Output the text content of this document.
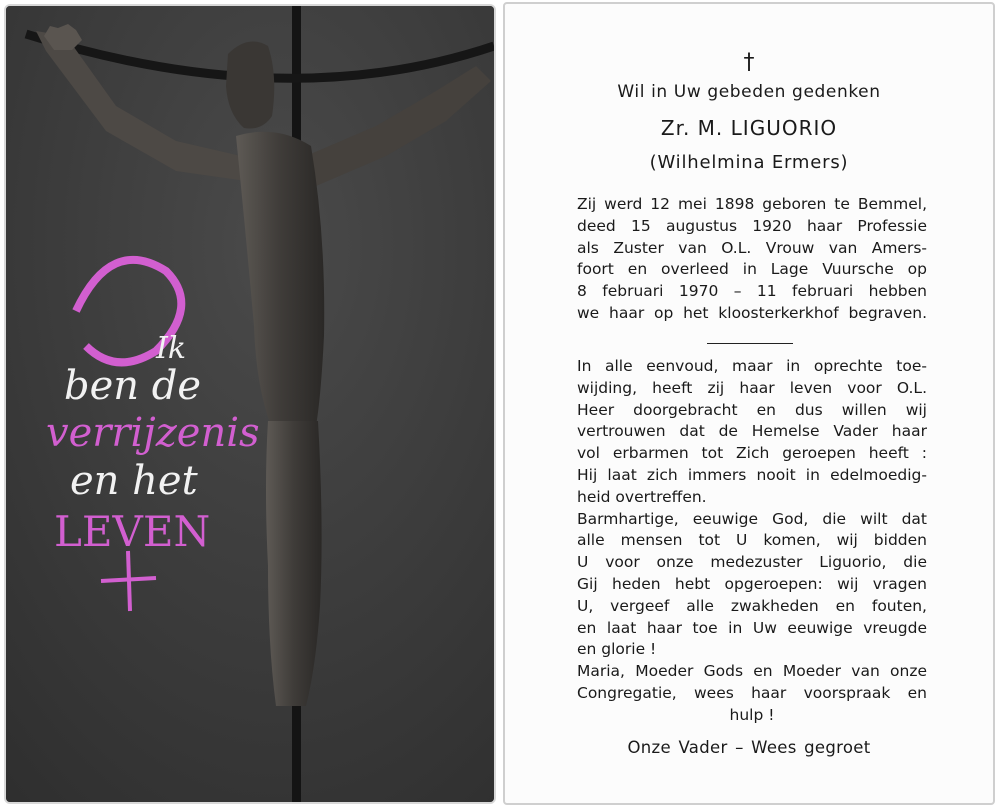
Ik
ben de
verrijzenis
en het
LEVEN
†
Wil in Uw gebeden gedenken
Zr. M. LIGUORIO
(Wilhelmina Ermers)
Zij werd 12 mei 1898 geboren te Bemmel,
deed 15 augustus 1920 haar Professie
als Zuster van O.L. Vrouw van Amers-
foort en overleed in Lage Vuursche op
8 februari 1970 – 11 februari hebben
we haar op het kloosterkerkhof begraven.
In alle eenvoud, maar in oprechte toe-
wijding, heeft zij haar leven voor O.L.
Heer doorgebracht en dus willen wij
vertrouwen dat de Hemelse Vader haar
vol erbarmen tot Zich geroepen heeft :
Hij laat zich immers nooit in edelmoedig-
heid overtreffen.
Barmhartige, eeuwige God, die wilt dat
alle mensen tot U komen, wij bidden
U voor onze medezuster Liguorio, die
Gij heden hebt opgeroepen: wij vragen
U, vergeef alle zwakheden en fouten,
en laat haar toe in Uw eeuwige vreugde
en glorie !
Maria, Moeder Gods en Moeder van onze
Congregatie, wees haar voorspraak en
hulp !
Onze Vader – Wees gegroet
